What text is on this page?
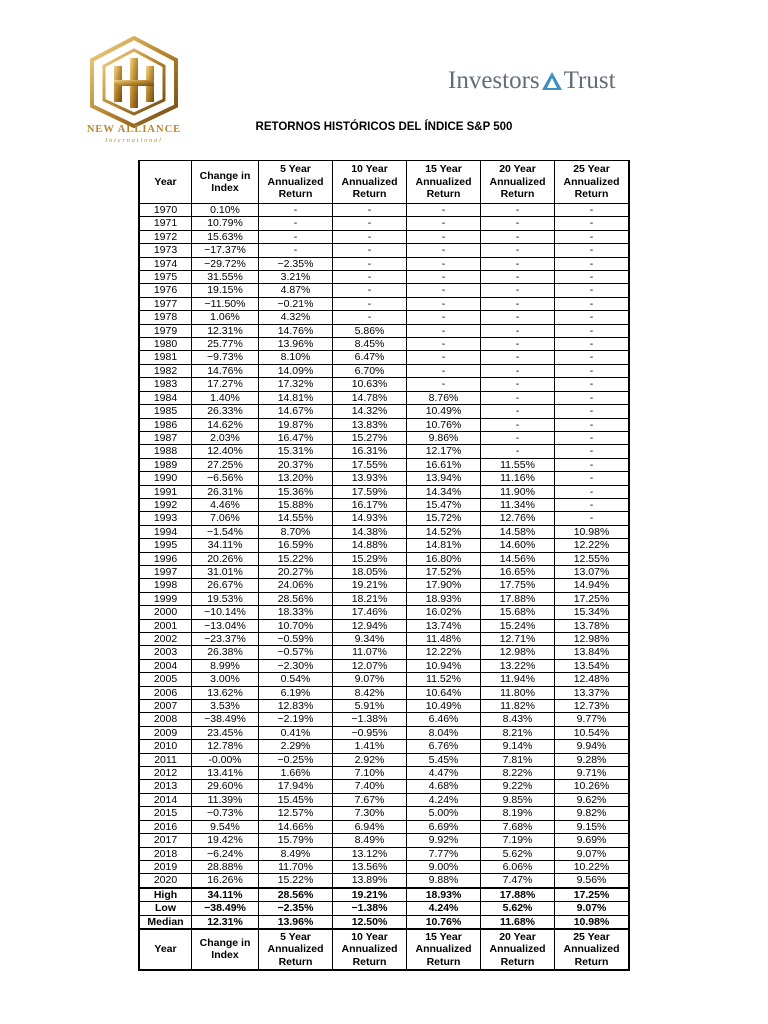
NEW ALLIANCE
International
Investors Trust
RETORNOS HISTÓRICOS DEL ÍNDICE S&P 500
Year	Change in Index	5 Year Annualized Return	10 Year Annualized Return	15 Year Annualized Return	20 Year Annualized Return	25 Year Annualized Return
1970	0.10%	-	-	-	-	-
1971	10.79%	-	-	-	-	-
1972	15.63%	-	-	-	-	-
1973	−17.37%	-	-	-	-	-
1974	−29.72%	−2.35%	-	-	-	-
1975	31.55%	3.21%	-	-	-	-
1976	19.15%	4.87%	-	-	-	-
1977	−11.50%	−0.21%	-	-	-	-
1978	1.06%	4.32%	-	-	-	-
1979	12.31%	14.76%	5.86%	-	-	-
1980	25.77%	13.96%	8.45%	-	-	-
1981	−9.73%	8.10%	6.47%	-	-	-
1982	14.76%	14.09%	6.70%	-	-	-
1983	17.27%	17.32%	10.63%	-	-	-
1984	1.40%	14.81%	14.78%	8.76%	-	-
1985	26.33%	14.67%	14.32%	10.49%	-	-
1986	14.62%	19.87%	13.83%	10.76%	-	-
1987	2.03%	16.47%	15.27%	9.86%	-	-
1988	12.40%	15.31%	16.31%	12.17%	-	-
1989	27.25%	20.37%	17.55%	16.61%	11.55%	-
1990	−6.56%	13.20%	13.93%	13.94%	11.16%	-
1991	26.31%	15.36%	17.59%	14.34%	11.90%	-
1992	4.46%	15.88%	16.17%	15.47%	11.34%	-
1993	7.06%	14.55%	14.93%	15.72%	12.76%	-
1994	−1.54%	8.70%	14.38%	14.52%	14.58%	10.98%
1995	34.11%	16.59%	14.88%	14.81%	14.60%	12.22%
1996	20.26%	15.22%	15.29%	16.80%	14.56%	12.55%
1997	31.01%	20.27%	18.05%	17.52%	16.65%	13.07%
1998	26.67%	24.06%	19.21%	17.90%	17.75%	14.94%
1999	19.53%	28.56%	18.21%	18.93%	17.88%	17.25%
2000	−10.14%	18.33%	17.46%	16.02%	15.68%	15.34%
2001	−13.04%	10.70%	12.94%	13.74%	15.24%	13.78%
2002	−23.37%	−0.59%	9.34%	11.48%	12.71%	12.98%
2003	26.38%	−0.57%	11.07%	12.22%	12.98%	13.84%
2004	8.99%	−2.30%	12.07%	10.94%	13.22%	13.54%
2005	3.00%	0.54%	9.07%	11.52%	11.94%	12.48%
2006	13.62%	6.19%	8.42%	10.64%	11.80%	13.37%
2007	3.53%	12.83%	5.91%	10.49%	11.82%	12.73%
2008	−38.49%	−2.19%	−1.38%	6.46%	8.43%	9.77%
2009	23.45%	0.41%	−0.95%	8.04%	8.21%	10.54%
2010	12.78%	2.29%	1.41%	6.76%	9.14%	9.94%
2011	-0.00%	−0.25%	2.92%	5.45%	7.81%	9.28%
2012	13.41%	1.66%	7.10%	4.47%	8.22%	9.71%
2013	29.60%	17.94%	7.40%	4.68%	9.22%	10.26%
2014	11.39%	15.45%	7.67%	4.24%	9.85%	9.62%
2015	−0.73%	12.57%	7.30%	5.00%	8.19%	9.82%
2016	9.54%	14.66%	6.94%	6.69%	7.68%	9.15%
2017	19.42%	15.79%	8.49%	9.92%	7.19%	9.69%
2018	−6.24%	8.49%	13.12%	7.77%	5.62%	9.07%
2019	28.88%	11.70%	13.56%	9.00%	6.06%	10.22%
2020	16.26%	15.22%	13.89%	9.88%	7.47%	9.56%
High	34.11%	28.56%	19.21%	18.93%	17.88%	17.25%
Low	−38.49%	−2.35%	−1.38%	4.24%	5.62%	9.07%
Median	12.31%	13.96%	12.50%	10.76%	11.68%	10.98%
Year	Change in Index	5 Year Annualized Return	10 Year Annualized Return	15 Year Annualized Return	20 Year Annualized Return	25 Year Annualized Return
